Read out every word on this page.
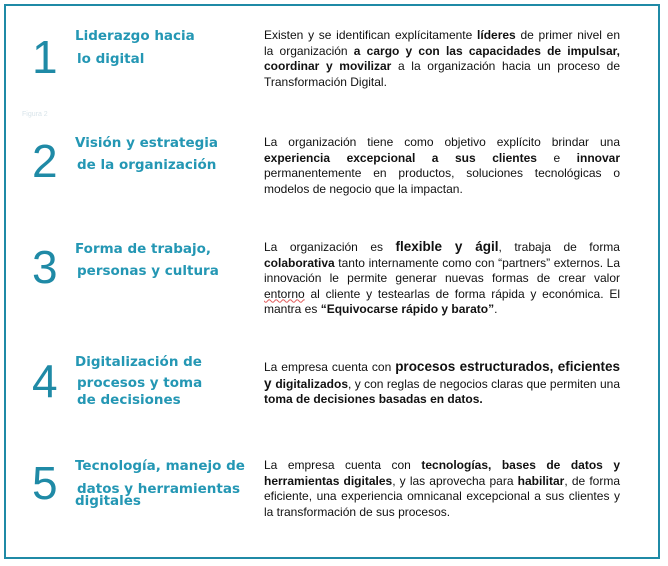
Figura 2
1 Liderazgo hacia
lo digital
Existen y se identifican explícitamente líderes de primer nivel en la organización a cargo y con las capacidades de impulsar, coordinar y movilizar a la organización hacia un proceso de Transformación Digital.
2 Visión y estrategia
de la organización
La organización tiene como objetivo explícito brindar una experiencia excepcional a sus clientes e innovar permanentemente en productos, soluciones tecnológicas o modelos de negocio que la impactan.
3 Forma de trabajo,
personas y cultura
La organización es flexible y ágil, trabaja de forma colaborativa tanto internamente como con “partners” externos. La innovación le permite generar nuevas formas de crear valor entorno al cliente y testearlas de forma rápida y económica. El mantra es “Equivocarse rápido y barato”.
4 Digitalización de
procesos y toma
de decisiones
La empresa cuenta con procesos estructurados, eficientes y digitalizados, y con reglas de negocios claras que permiten una toma de decisiones basadas en datos.
5 Tecnología, manejo de
datos y herramientas
digitales
La empresa cuenta con tecnologías, bases de datos y herramientas digitales, y las aprovecha para habilitar, de forma eficiente, una experiencia omnicanal excepcional a sus clientes y la transformación de sus procesos.
